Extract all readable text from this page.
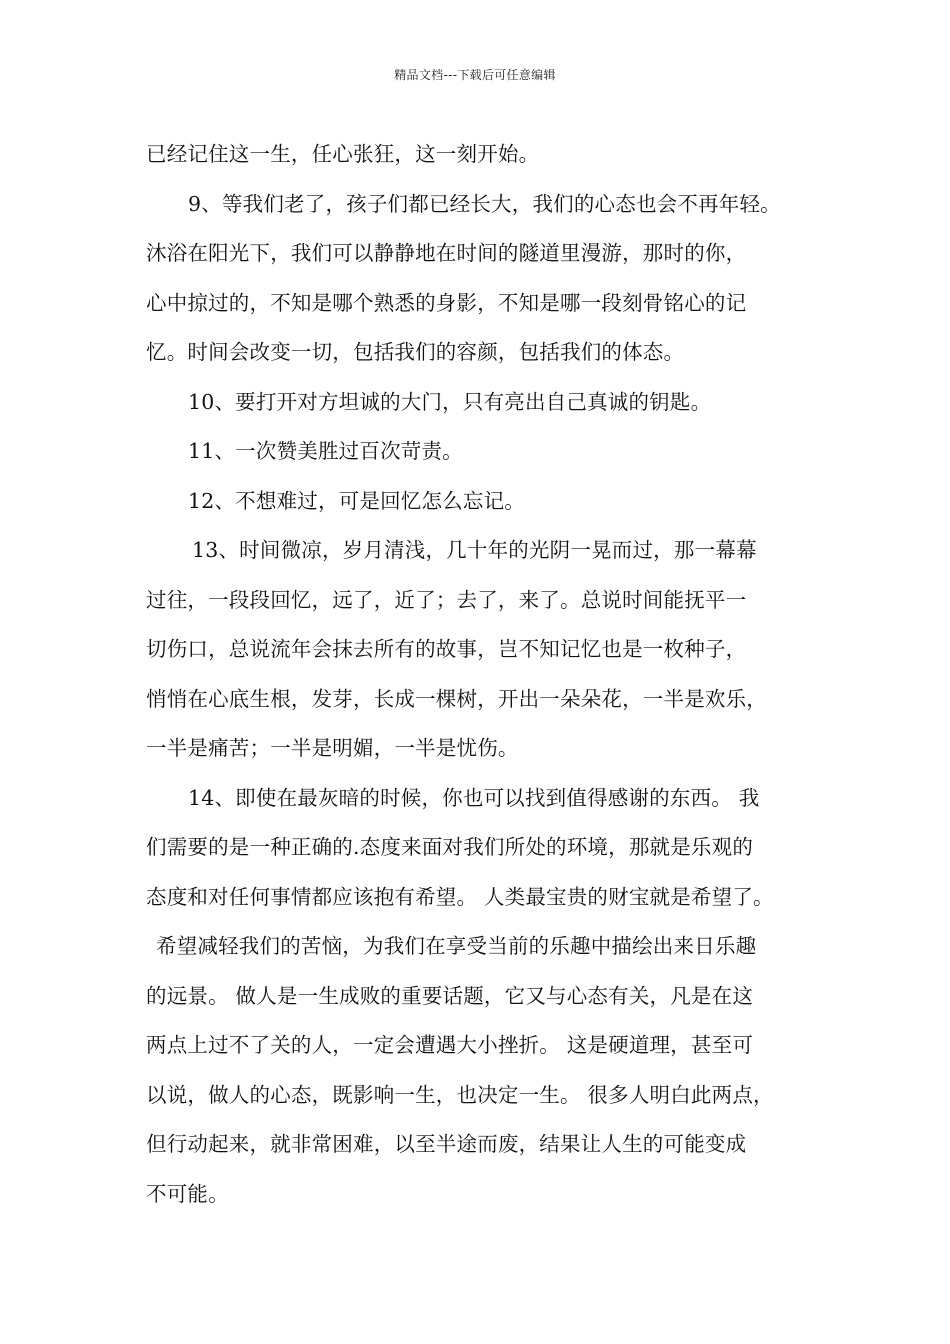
精品文档---下载后可任意编辑
已经记住这一生，任心张狂，这一刻开始。
9、等我们老了，孩子们都已经长大，我们的心态也会不再年轻。
沐浴在阳光下，我们可以静静地在时间的隧道里漫游，那时的你，
心中掠过的，不知是哪个熟悉的身影，不知是哪一段刻骨铭心的记
忆。时间会改变一切，包括我们的容颜，包括我们的体态。
10、要打开对方坦诚的大门，只有亮出自己真诚的钥匙。
11、一次赞美胜过百次苛责。
12、不想难过，可是回忆怎么忘记。
13、时间微凉，岁月清浅，几十年的光阴一晃而过，那一幕幕
过往，一段段回忆，远了，近了；去了，来了。总说时间能抚平一
切伤口，总说流年会抹去所有的故事，岂不知记忆也是一枚种子，
悄悄在心底生根，发芽，长成一棵树，开出一朵朵花，一半是欢乐，
一半是痛苦；一半是明媚，一半是忧伤。
14、即使在最灰暗的时候，你也可以找到值得感谢的东西。 我
们需要的是一种正确的.态度来面对我们所处的环境，那就是乐观的
态度和对任何事情都应该抱有希望。 人类最宝贵的财宝就是希望了。
希望减轻我们的苦恼，为我们在享受当前的乐趣中描绘出来日乐趣
的远景。 做人是一生成败的重要话题，它又与心态有关，凡是在这
两点上过不了关的人，一定会遭遇大小挫折。 这是硬道理，甚至可
以说，做人的心态，既影响一生，也决定一生。 很多人明白此两点，
但行动起来，就非常困难，以至半途而废，结果让人生的可能变成
不可能。
